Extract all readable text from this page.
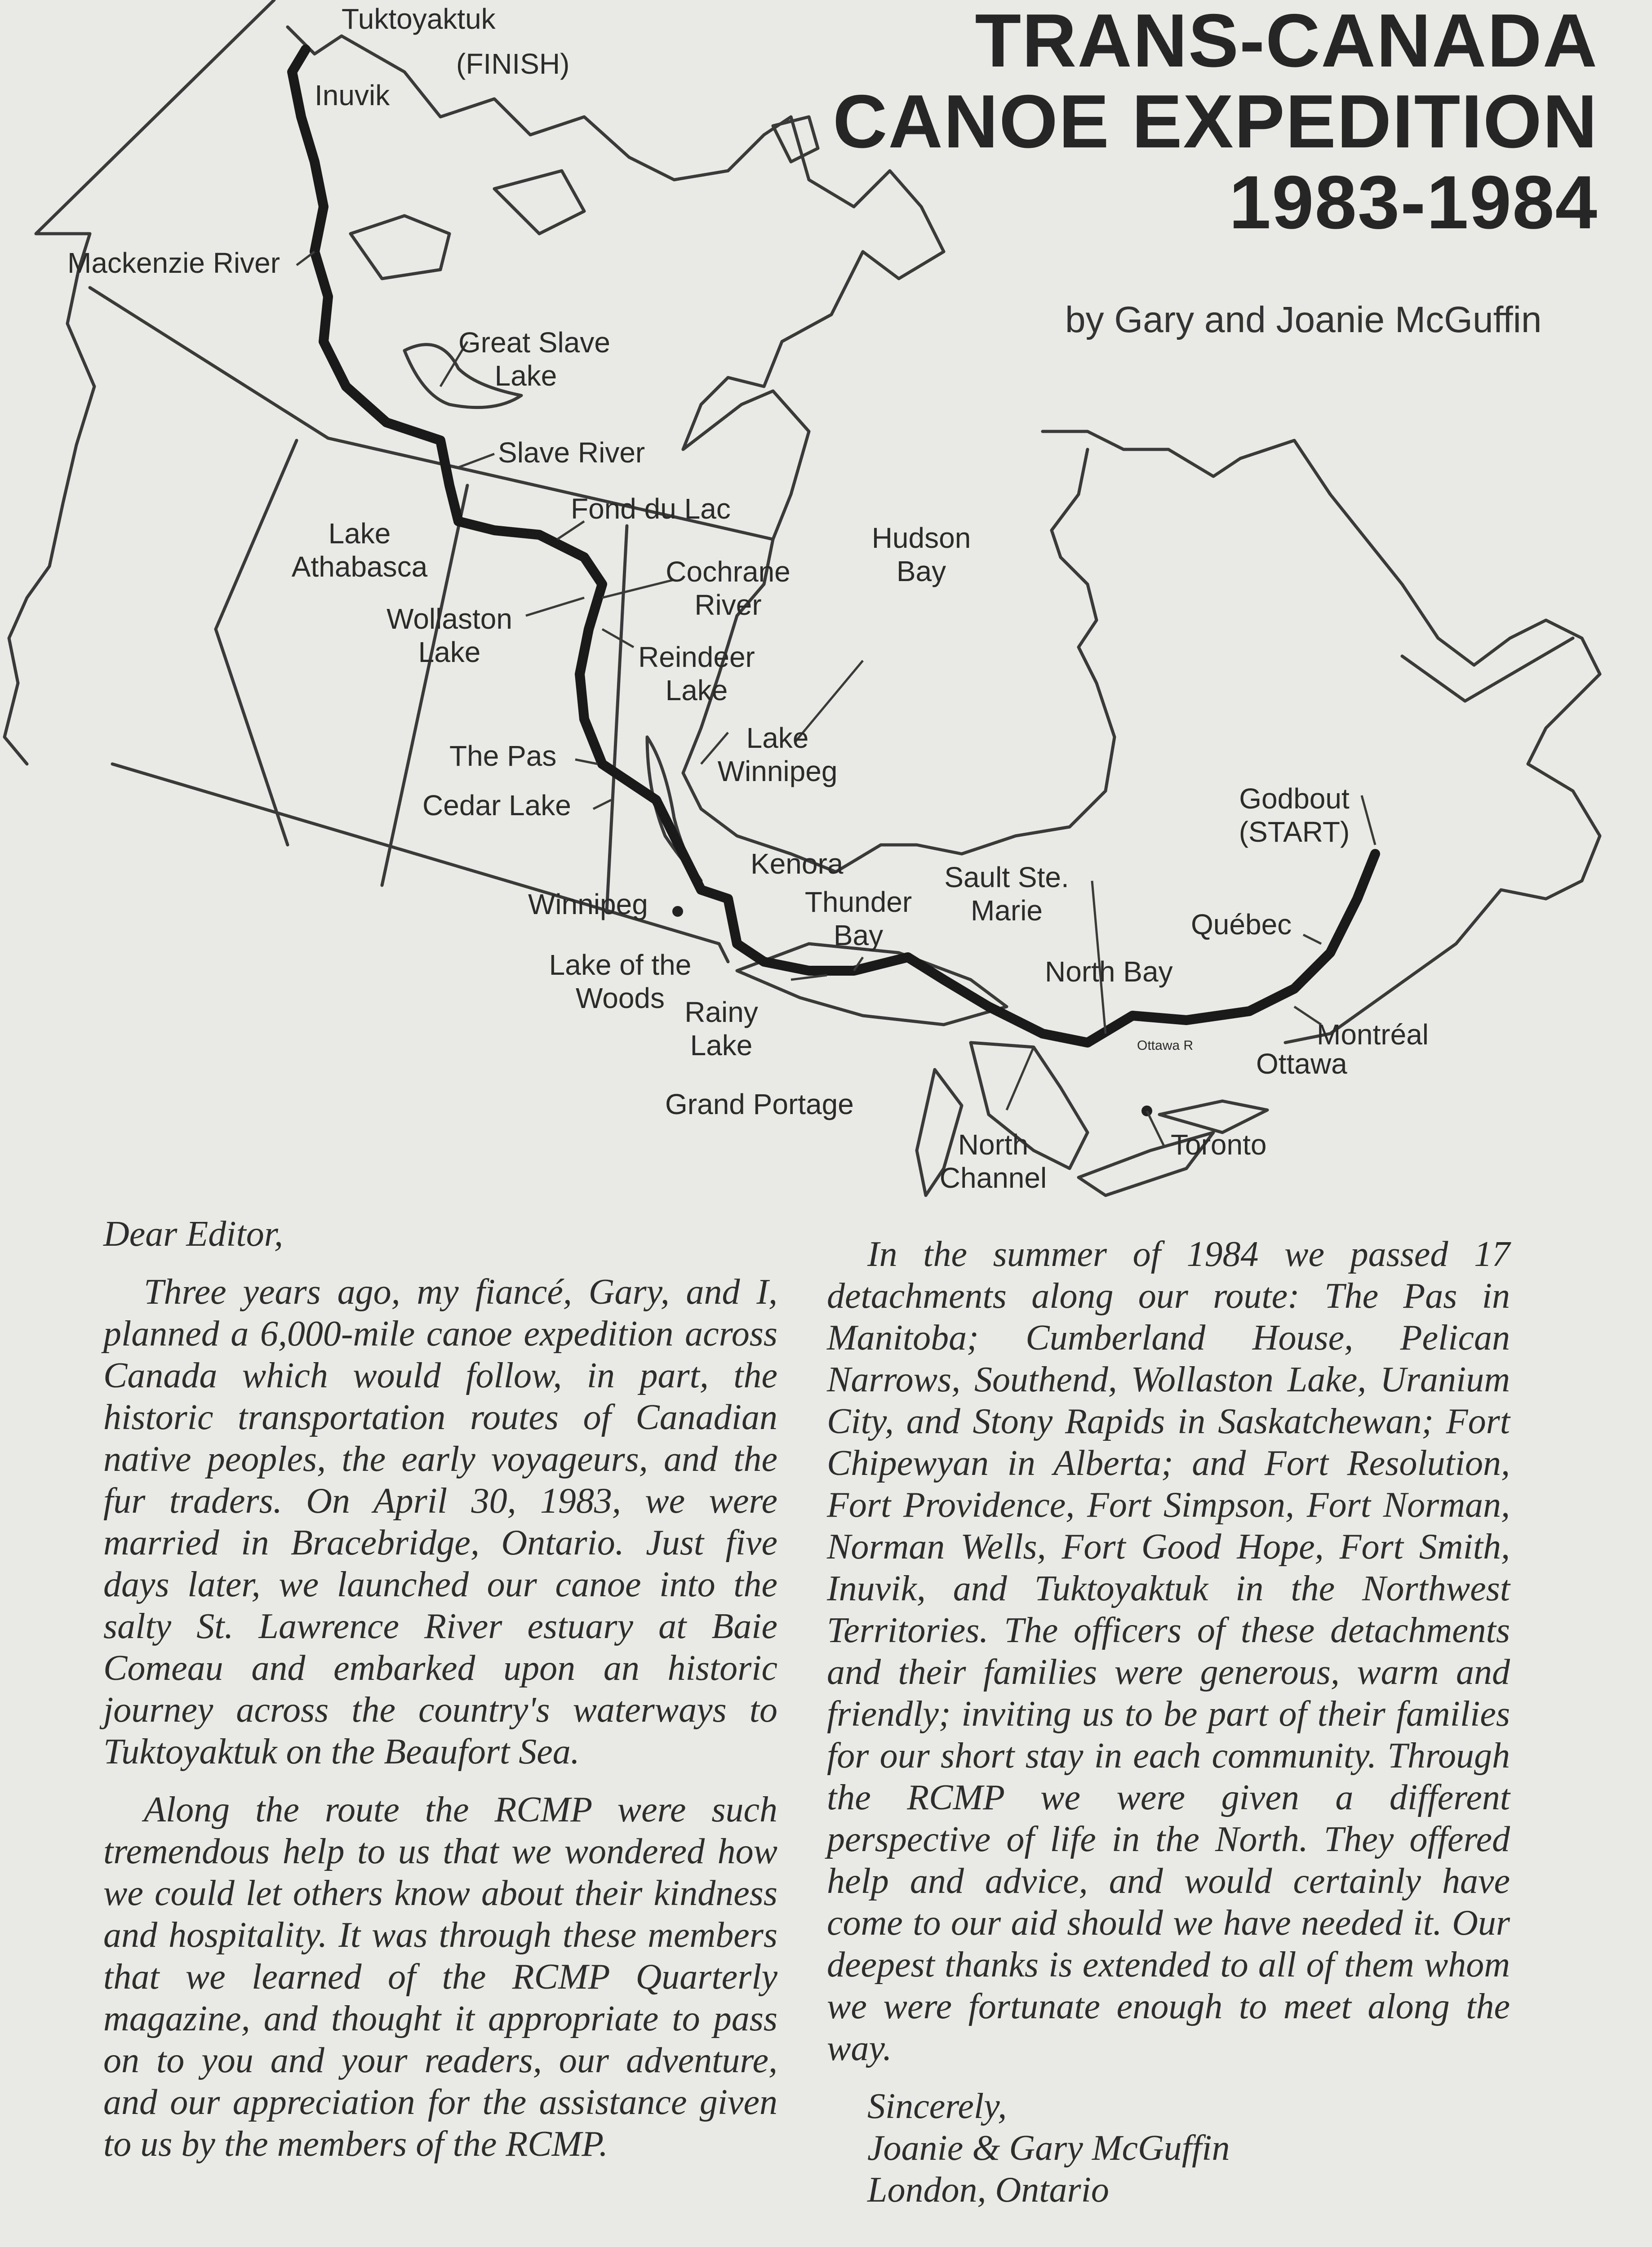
Tuktoyaktuk
(FINISH)
Inuvik
Mackenzie River
Great Slave
Lake
Slave River
Fond du Lac
Lake
Athabasca	Cochrane
River
Hudson
Bay
Wollaston
Lake	Reindeer
Lake
Lake
Winnipeg
The Pas
Cedar Lake	Godbout
(START)
Kenora	Sault Ste.
Marie
Thunder
Bay
Winnipeg
Québec
Lake of the
Woods
North Bay
Rainy
Lake	Ottawa R	Montréal
Ottawa
Grand Portage
North
Channel
Toronto
TRANS-CANADA
CANOE EXPEDITION
1983-1984
by Gary and Joanie McGuffin

Dear Editor,

Three years ago, my fiancé, Gary, and I, planned a 6,000-mile canoe expedition across Canada which would follow, in part, the historic transportation routes of Canadian native peoples, the early voyageurs, and the fur traders. On April 30, 1983, we were married in Bracebridge, Ontario. Just five days later, we launched our canoe into the salty St. Lawrence River estuary at Baie Comeau and embarked upon an historic journey across the country's waterways to Tuktoyaktuk on the Beaufort Sea.

Along the route the RCMP were such tremendous help to us that we wondered how we could let others know about their kindness and hospitality. It was through these members that we learned of the RCMP Quarterly magazine, and thought it appropriate to pass on to you and your readers, our adventure, and our appreciation for the assistance given to us by the members of the RCMP.

In the summer of 1984 we passed 17 detachments along our route: The Pas in Manitoba; Cumberland House, Pelican Narrows, Southend, Wollaston Lake, Uranium City, and Stony Rapids in Saskatchewan; Fort Chipewyan in Alberta; and Fort Resolution, Fort Providence, Fort Simpson, Fort Norman, Norman Wells, Fort Good Hope, Fort Smith, Inuvik, and Tuktoyaktuk in the Northwest Territories. The officers of these detachments and their families were generous, warm and friendly; inviting us to be part of their families for our short stay in each community. Through the RCMP we were given a different perspective of life in the North. They offered help and advice, and would certainly have come to our aid should we have needed it. Our deepest thanks is extended to all of them whom we were fortunate enough to meet along the way.

Sincerely,

Joanie & Gary McGuffin

London, Ontario
